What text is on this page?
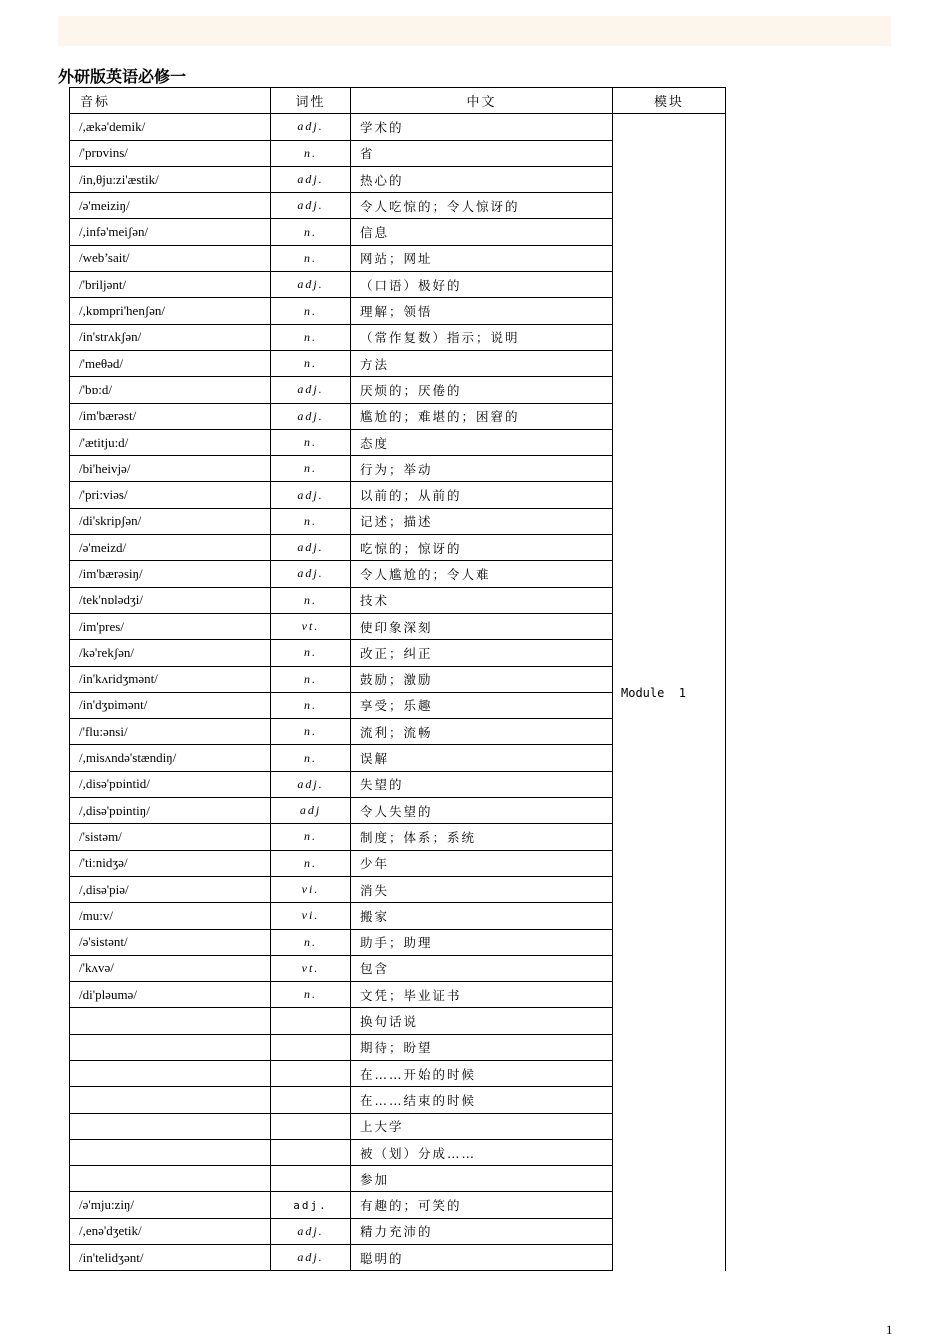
外研版英语必修一
音标	词性	中文	模块
/,ækə'demik/	adj.	学术的	Module  1
/'prɒvins/	n.	省	
/in,θju:zi'æstik/	adj.	热心的	
/ə'meiziŋ/	adj.	令人吃惊的；令人惊讶的	
/,infə'meiʃən/	n.	信息	
/web’sait/	n.	网站；网址	
/'briljənt/	adj.	（口语）极好的	
/,kɒmpri'henʃən/	n.	理解；领悟	
/in'strʌkʃən/	n.	（常作复数）指示；说明	
/'meθəd/	n.	方法	
/'bɒ:d/	adj.	厌烦的；厌倦的	
/im'bærəst/	adj.	尴尬的；难堪的；困窘的	
/'ætitju:d/	n.	态度	
/bi'heivjə/	n.	行为；举动	
/'pri:viəs/	adj.	以前的；从前的	
/di'skripʃən/	n.	记述；描述	
/ə'meizd/	adj.	吃惊的；惊讶的	
/im'bærəsiŋ/	adj.	令人尴尬的；令人难	
/tek'nɒlədʒi/	n.	技术	
/im'pres/	vt.	使印象深刻	
/kə'rekʃən/	n.	改正；纠正	
/in'kʌridʒmənt/	n.	鼓励；激励	
/in'dʒɒimənt/	n.	享受；乐趣	
/'flu:ənsi/	n.	流利；流畅	
/,misʌndə'stændiŋ/	n.	误解	
/,disə'pɒintid/	adj.	失望的	
/,disə'pɒintiŋ/	adj	令人失望的	
/'sistəm/	n.	制度；体系；系统	
/'ti:nidʒə/	n.	少年	
/,disə'piə/	vi.	消失	
/mu:v/	vi.	搬家	
/ə'sistənt/	n.	助手；助理	
/'kʌvə/	vt.	包含	
/di'pləumə/	n.	文凭；毕业证书	
		换句话说	
		期待；盼望	
		在……开始的时候	
		在……结束的时候	
		上大学	
		被（划）分成……	
		参加	
/ə'mju:ziŋ/	adj.	有趣的；可笑的	
/,enə'dʒetik/	adj.	精力充沛的	
/in'telidʒənt/	adj.	聪明的	
1
